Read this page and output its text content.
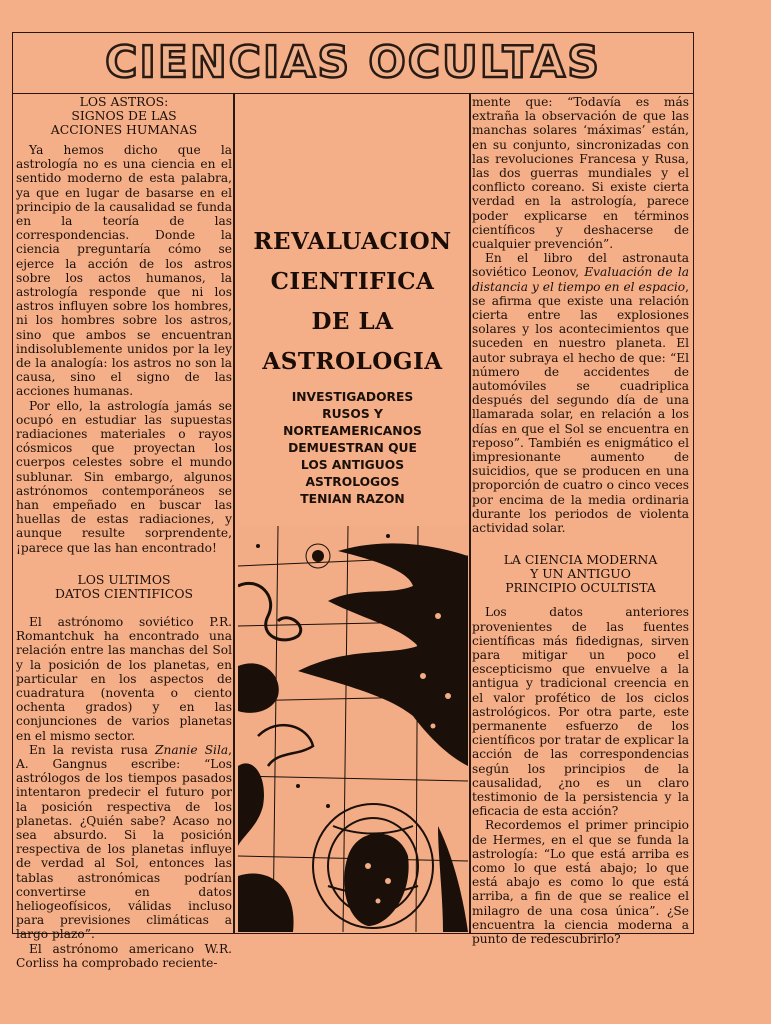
CIENCIAS OCULTAS
LOS ASTROS:
SIGNOS DE LAS
ACCIONES HUMANAS

Ya hemos dicho que la astrología no es una ciencia en el sentido moderno de esta palabra, ya que en lugar de basarse en el principio de la causalidad se funda en la teoría de las correspondencias. Donde la ciencia preguntaría cómo se ejerce la acción de los astros sobre los actos humanos, la astrología responde que ni los astros influyen sobre los hombres, ni los hombres sobre los astros, sino que ambos se encuentran indisolublemente unidos por la ley de la analogía: los astros no son la causa, sino el signo de las acciones humanas.

Por ello, la astrología jamás se ocupó en estudiar las supuestas radiaciones materiales o rayos cósmicos que proyectan los cuerpos celestes sobre el mundo sublunar. Sin embargo, algunos astrónomos contemporáneos se han empeñado en buscar las huellas de estas radiaciones, y aunque resulte sorprendente, ¡parece que las han encontrado!

LOS ULTIMOS
DATOS CIENTIFICOS

El astrónomo soviético P.R. Romantchuk ha encontrado una relación entre las manchas del Sol y la posición de los planetas, en particular en los aspectos de cuadratura (noventa o ciento ochenta grados) y en las conjunciones de varios planetas en el mismo sector.

En la revista rusa Znanie Sila, A. Gangnus escribe: “Los astrólogos de los tiempos pasados intentaron predecir el futuro por la posición respectiva de los planetas. ¿Quién sabe? Acaso no sea absurdo. Si la posición respectiva de los planetas influye de verdad al Sol, entonces las tablas astronómicas podrían convertirse en datos heliogeofísicos, válidas incluso para previsiones climáticas a largo plazo”.

El astrónomo americano W.R. Corliss ha comprobado reciente-

REVALUACION
CIENTIFICA
DE LA
ASTROLOGIA
INVESTIGADORES
RUSOS Y
NORTEAMERICANOS
DEMUESTRAN QUE
LOS ANTIGUOS
ASTROLOGOS
TENIAN RAZON

mente que: “Todavía es más extraña la observación de que las manchas solares ‘máximas’ están, en su conjunto, sincronizadas con las revoluciones Francesa y Rusa, las dos guerras mundiales y el conflicto coreano. Si existe cierta verdad en la astrología, parece poder explicarse en términos científicos y deshacerse de cualquier prevención”.

En el libro del astronauta soviético Leonov, Evaluación de la distancia y el tiempo en el espacio, se afirma que existe una relación cierta entre las explosiones solares y los acontecimientos que suceden en nuestro planeta. El autor subraya el hecho de que: “El número de accidentes de automóviles se cuadriplica después del segundo día de una llamarada solar, en relación a los días en que el Sol se encuentra en reposo”. También es enigmático el impresionante aumento de suicidios, que se producen en una proporción de cuatro o cinco veces por encima de la media ordinaria durante los periodos de violenta actividad solar.

LA CIENCIA MODERNA
Y UN ANTIGUO
PRINCIPIO OCULTISTA

Los datos anteriores provenientes de las fuentes científicas más fidedignas, sirven para mitigar un poco el escepticismo que envuelve a la antigua y tradicional creencia en el valor profético de los ciclos astrológicos. Por otra parte, este permanente esfuerzo de los científicos por tratar de explicar la acción de las correspondencias según los principios de la causalidad, ¿no es un claro testimonio de la persistencia y la eficacia de esta acción?

Recordemos el primer principio de Hermes, en el que se funda la astrología: “Lo que está arriba es como lo que está abajo; lo que está abajo es como lo que está arriba, a fin de que se realice el milagro de una cosa única”. ¿Se encuentra la ciencia moderna a punto de redescubrirlo?
